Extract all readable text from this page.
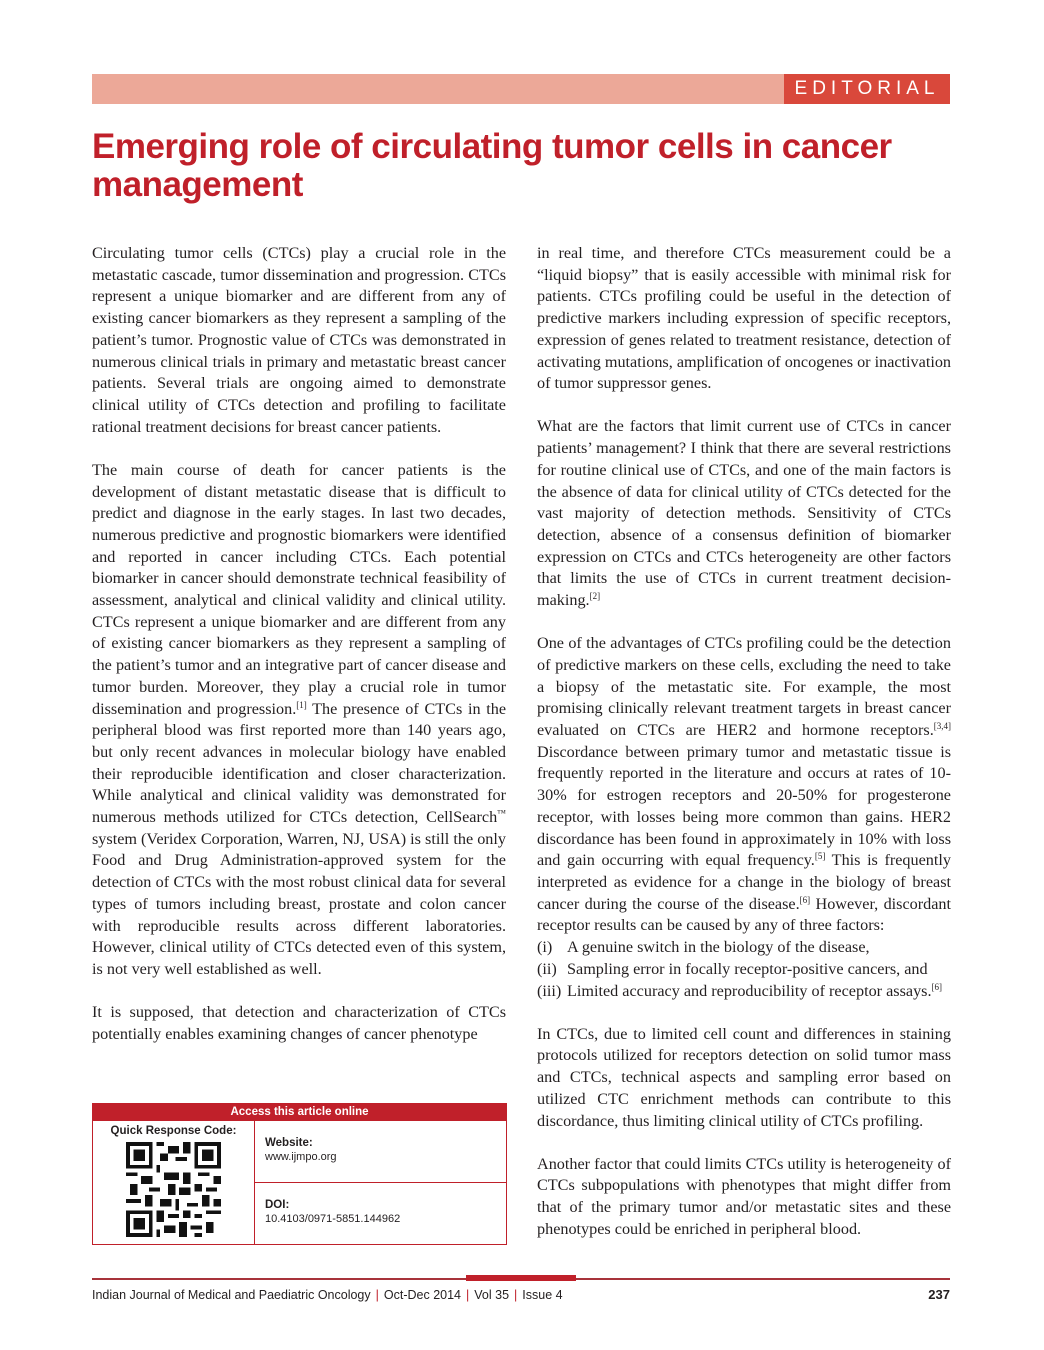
EDITORIAL
Emerging role of circulating tumor cells in cancer management

Circulating tumor cells (CTCs) play a crucial role in the metastatic cascade, tumor dissemination and progression. CTCs represent a unique biomarker and are different from any of existing cancer biomarkers as they represent a sampling of the patient’s tumor. Prognostic value of CTCs was demonstrated in numerous clinical trials in primary and metastatic breast cancer patients. Several trials are ongoing aimed to demonstrate clinical utility of CTCs detection and profiling to facilitate rational treatment decisions for breast cancer patients.

The main course of death for cancer patients is the development of distant metastatic disease that is difficult to predict and diagnose in the early stages. In last two decades, numerous predictive and prognostic biomarkers were identified and reported in cancer including CTCs. Each potential biomarker in cancer should demonstrate technical feasibility of assessment, analytical and clinical validity and clinical utility. CTCs represent a unique biomarker and are different from any of existing cancer biomarkers as they represent a sampling of the patient’s tumor and an integrative part of cancer disease and tumor burden. Moreover, they play a crucial role in tumor dissemination and progression.[1] The presence of CTCs in the peripheral blood was first reported more than 140 years ago, but only recent advances in molecular biology have enabled their reproducible identification and closer characterization. While analytical and clinical validity was demonstrated for numerous methods utilized for CTCs detection, CellSearch™ system (Veridex Corporation, Warren, NJ, USA) is still the only Food and Drug Administration-approved system for the detection of CTCs with the most robust clinical data for several types of tumors including breast, prostate and colon cancer with reproducible results across different laboratories. However, clinical utility of CTCs detected even of this system, is not very well established as well.

It is supposed, that detection and characterization of CTCs potentially enables examining changes of cancer phenotype

Access this article online
Quick Response Code:
Website:
www.ijmpo.org
DOI:
10.4103/0971-5851.144962

in real time, and therefore CTCs measurement could be a “liquid biopsy” that is easily accessible with minimal risk for patients. CTCs profiling could be useful in the detection of predictive markers including expression of specific receptors, expression of genes related to treatment resistance, detection of activating mutations, amplification of oncogenes or inactivation of tumor suppressor genes.

What are the factors that limit current use of CTCs in cancer patients’ management? I think that there are several restrictions for routine clinical use of CTCs, and one of the main factors is the absence of data for clinical utility of CTCs detected for the vast majority of detection methods. Sensitivity of CTCs detection, absence of a consensus definition of biomarker expression on CTCs and CTCs heterogeneity are other factors that limits the use of CTCs in current treatment decision-making.[2]

One of the advantages of CTCs profiling could be the detection of predictive markers on these cells, excluding the need to take a biopsy of the metastatic site. For example, the most promising clinically relevant treatment targets in breast cancer evaluated on CTCs are HER2 and hormone receptors.[3,4] Discordance between primary tumor and metastatic tissue is frequently reported in the literature and occurs at rates of 10-30% for estrogen receptors and 20-50% for progesterone receptor, with losses being more common than gains. HER2 discordance has been found in approximately in 10% with loss and gain occurring with equal frequency.[5] This is frequently interpreted as evidence for a change in the biology of breast cancer during the course of the disease.[6] However, discordant receptor results can be caused by any of three factors:

(i) A genuine switch in the biology of the disease,
(ii) Sampling error in focally receptor-positive cancers, and
(iii) Limited accuracy and reproducibility of receptor assays.[6]

In CTCs, due to limited cell count and differences in staining protocols utilized for receptors detection on solid tumor mass and CTCs, technical aspects and sampling error based on utilized CTC enrichment methods can contribute to this discordance, thus limiting clinical utility of CTCs profiling.

Another factor that could limits CTCs utility is heterogeneity of CTCs subpopulations with phenotypes that might differ from that of the primary tumor and/or metastatic sites and these phenotypes could be enriched in peripheral blood.

Indian Journal of Medical and Paediatric Oncology | Oct-Dec 2014 | Vol 35 | Issue 4	237
